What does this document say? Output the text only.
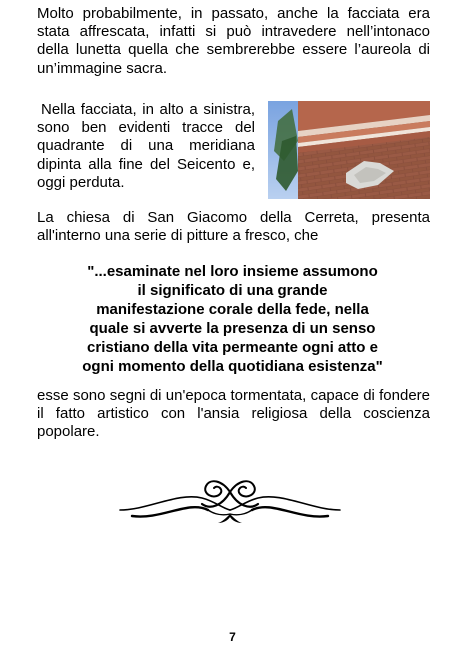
Molto probabilmente, in passato, anche la facciata era stata affrescata, infatti si può intravedere nell’intonaco della lunetta quella che sembrerebbe essere l’aureola di un’immagine sacra.

Nella facciata, in alto a sinistra, sono ben evidenti tracce del quadrante di una meridiana dipinta alla fine del Seicento e, oggi perduta.

La chiesa di San Giacomo della Cerreta, presenta all'interno una serie di pitture a fresco, che

"...esaminate nel loro insieme assumono
il significato di una grande
manifestazione corale della fede, nella
quale si avverte la presenza di un senso
cristiano della vita permeante ogni atto e
ogni momento della quotidiana esistenza"

esse sono segni di un'epoca tormentata, capace di fondere il fatto artistico con l'ansia religiosa della coscienza popolare.

7
